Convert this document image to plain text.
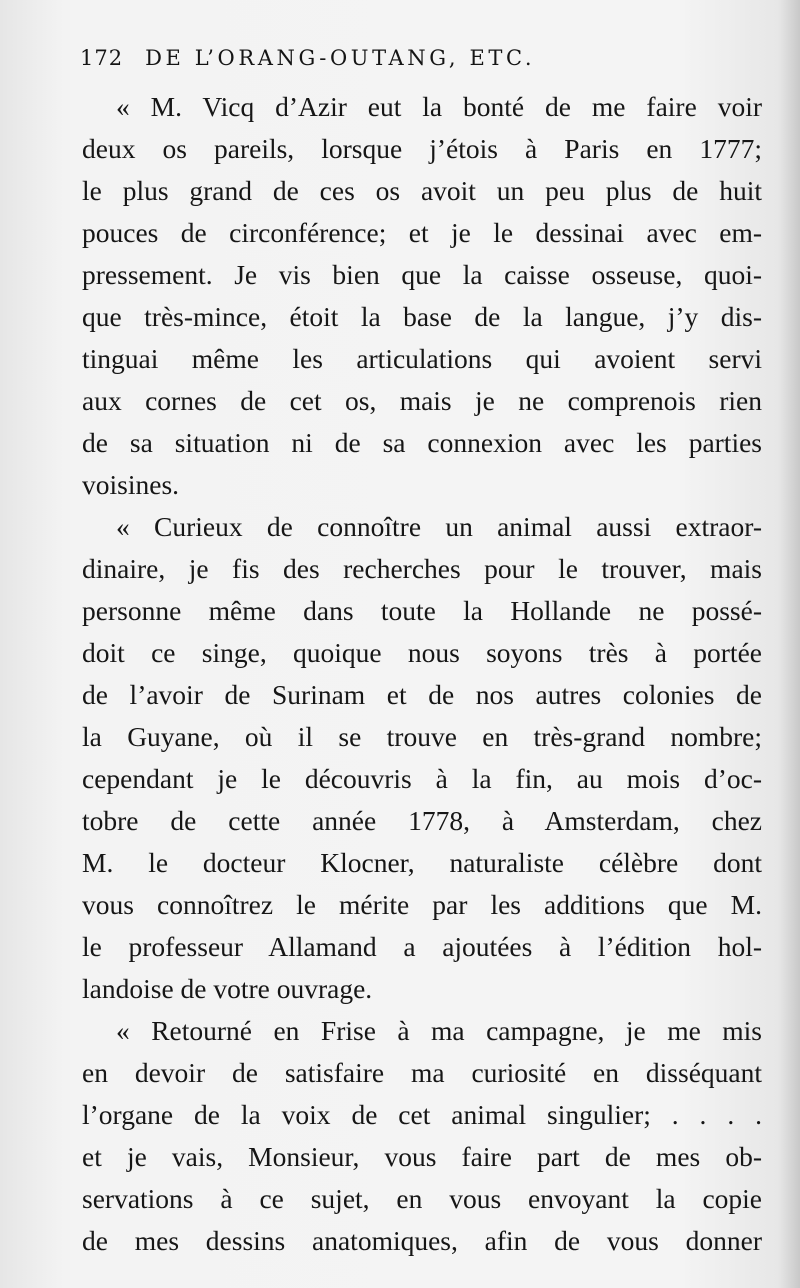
172 DE L’ORANG-OUTANG, ETC.
« M. Vicq d’Azir eut la bonté de me faire voir
deux os pareils, lorsque j’étois à Paris en 1777;
le plus grand de ces os avoit un peu plus de huit
pouces de circonférence; et je le dessinai avec em-
pressement. Je vis bien que la caisse osseuse, quoi-
que très-mince, étoit la base de la langue, j’y dis-
tinguai même les articulations qui avoient servi
aux cornes de cet os, mais je ne comprenois rien
de sa situation ni de sa connexion avec les parties
voisines.
« Curieux de connoître un animal aussi extraor-
dinaire, je fis des recherches pour le trouver, mais
personne même dans toute la Hollande ne possé-
doit ce singe, quoique nous soyons très à portée
de l’avoir de Surinam et de nos autres colonies de
la Guyane, où il se trouve en très-grand nombre;
cependant je le découvris à la fin, au mois d’oc-
tobre de cette année 1778, à Amsterdam, chez
M. le docteur Klocner, naturaliste célèbre dont
vous connoîtrez le mérite par les additions que M.
le professeur Allamand a ajoutées à l’édition hol-
landoise de votre ouvrage.
« Retourné en Frise à ma campagne, je me mis
en devoir de satisfaire ma curiosité en disséquant
l’organe de la voix de cet animal singulier; . . . .
et je vais, Monsieur, vous faire part de mes ob-
servations à ce sujet, en vous envoyant la copie
de mes dessins anatomiques, afin de vous donner
